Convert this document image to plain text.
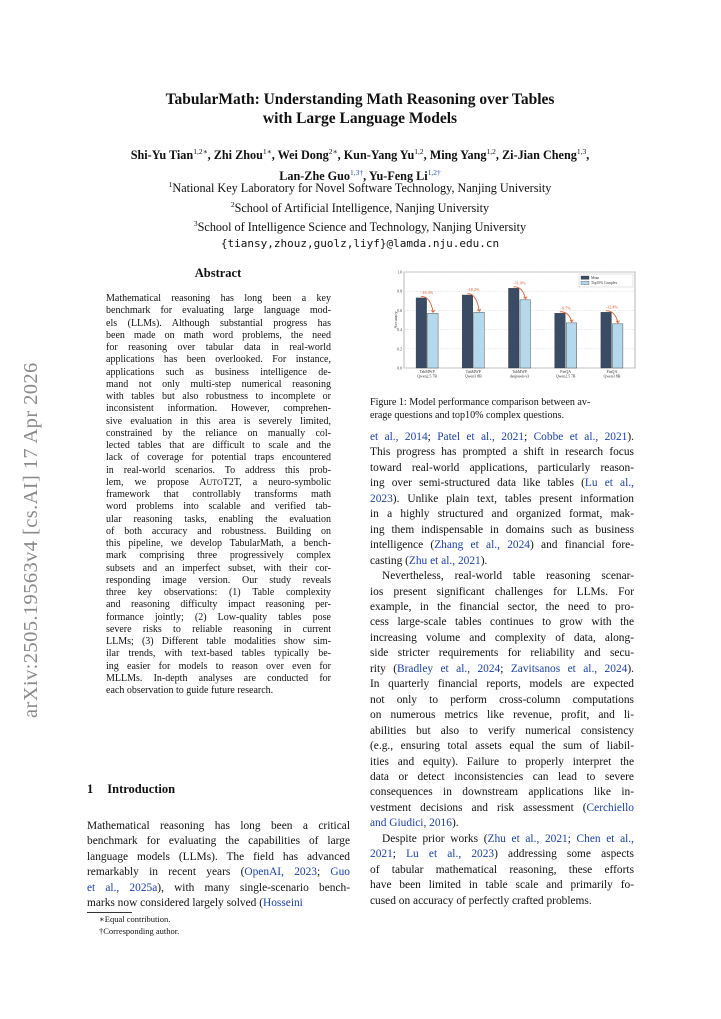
arXiv:2505.19563v4 [cs.AI] 17 Apr 2026
TabularMath: Understanding Math Reasoning over Tables
with Large Language Models
Shi-Yu Tian$^{1,2∗}$, Zhi Zhou$^{1∗}$, Wei Dong$^{2∗}$, Kun-Yang Yu$^{1,2}$, Ming Yang$^{1,2}$, Zi-Jian Cheng$^{1,3}$,
Lan-Zhe Guo$^{1,3\dagger}$, Yu-Feng $Li^{1,2\dagger}$
$^1$National Key Laboratory for Novel Software Technology, Nanjing University
$^2$School of Artificial Intelligence, Nanjing University
$^3$School of Intelligence Science and Technology, Nanjing University
{tiansy,zhouz,guolz,liyf}@lamda.nju.edu.cn
Abstract
Mathematical reasoning has long been a key
benchmark for evaluating large language mod-
els (LLMs). Although substantial progress has
been made on math word problems, the need
for reasoning over tabular data in real-world
applications has been overlooked. For instance,
applications such as business intelligence de-
mand not only multi-step numerical reasoning
with tables but also robustness to incomplete or
inconsistent information. However, comprehen-
sive evaluation in this area is severely limited,
constrained by the reliance on manually col-
lected tables that are difficult to scale and the
lack of coverage for potential traps encountered
in real-world scenarios. To address this prob-
lem, we propose AUTOT2T, a neuro-symbolic
framework that controllably transforms math
word problems into scalable and verified tab-
ular reasoning tasks, enabling the evaluation
of both accuracy and robustness. Building on
this pipeline, we develop TabularMath, a bench-
mark comprising three progressively complex
subsets and an imperfect subset, with their cor-
responding image version. Our study reveals
three key observations: (1) Table complexity
and reasoning difficulty impact reasoning per-
formance jointly; (2) Low-quality tables pose
severe risks to reliable reasoning in current
LLMs; (3) Different table modalities show sim-
ilar trends, with text-based tables typically be-
ing easier for models to reason over even for
MLLMs. In-depth analyses are conducted for
each observation to guide future research.
1 Introduction
Mathematical reasoning has long been a critical
benchmark for evaluating the capabilities of large
language models (LLMs). The field has advanced
remarkably in recent years (OpenAI, 2023; Guo
et al., 2025a), with many single-scenario bench-
marks now considered largely solved (Hosseini
∗Equal contribution.
†Corresponding author.
et al., 2014; Patel et al., 2021; Cobbe et al., 2021).
This progress has prompted a shift in research focus
toward real-world applications, particularly reason-
ing over semi-structured data like tables (Lu et al.,
2023). Unlike plain text, tables present information
in a highly structured and organized format, mak-
ing them indispensable in domains such as business
intelligence (Zhang et al., 2024) and financial fore-
casting (Zhu et al., 2021).
Nevertheless, real-world table reasoning scenar-
ios present significant challenges for LLMs. For
example, in the financial sector, the need to pro-
cess large-scale tables continues to grow with the
increasing volume and complexity of data, along-
side stricter requirements for reliability and secu-
rity (Bradley et al., 2024; Zavitsanos et al., 2024).
In quarterly financial reports, models are expected
not only to perform cross-column computations
on numerous metrics like revenue, profit, and li-
abilities but also to verify numerical consistency
(e.g., ensuring total assets equal the sum of liabil-
ities and equity). Failure to properly interpret the
data or detect inconsistencies can lead to severe
consequences in downstream applications like in-
vestment decisions and risk assessment (Cerchiello
and Giudici, 2016).
Despite prior works (Zhu et al., 2021; Chen et al.,
2021; Lu et al., 2023) addressing some aspects
of tabular mathematical reasoning, these efforts
have been limited in table scale and primarily fo-
cused on accuracy of perfectly crafted problems.
0.0
0.2
0.4
0.6
0.8
1.0
Accuracy
-16.3%
TabMWP
Qwen2.5 7B
-18.2%
TabMWP
Qwen3 8B
-11.9%
TabMWP
deepseek-v3
-9.7%
FinQA
Qwen2.5 7B
-12.4%
FinQA
Qwen3 8B
Mean
Top10% Complex
Figure 1: Model performance comparison between av-
erage questions and top10% complex questions.
